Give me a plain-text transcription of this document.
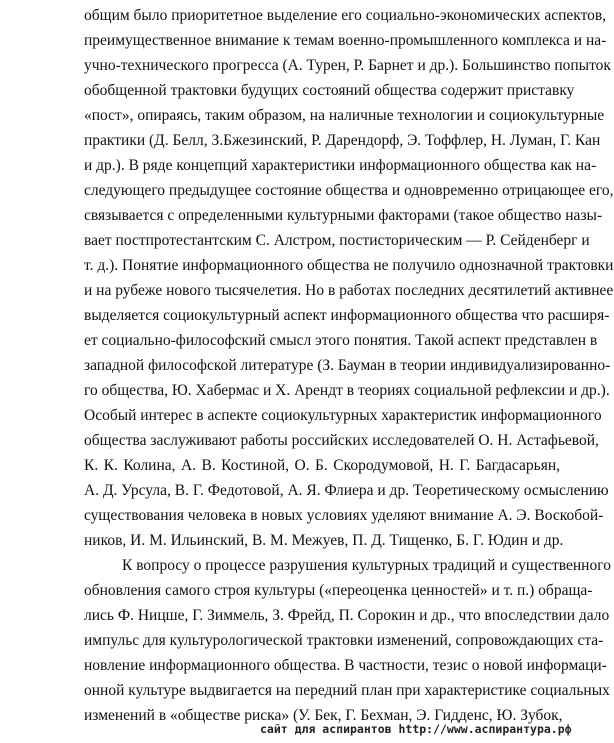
общим было приоритетное выделение его социально-экономических аспектов,
преимущественное внимание к темам военно-промышленного комплекса и на-
учно-технического прогресса (А. Турен, Р. Барнет и др.). Большинство попыток
обобщенной трактовки будущих состояний общества содержит приставку
«пост», опираясь, таким образом, на наличные технологии и социокультурные
практики (Д. Белл, З.Бжезинский, Р. Дарендорф, Э. Тоффлер, Н. Луман, Г. Кан
и др.). В ряде концепций характеристики информационного общества как на-
следующего предыдущее состояние общества и одновременно отрицающее его,
связывается с определенными культурными факторами (такое общество назы-
вает постпротестантским С. Алстром, постисторическим — Р. Сейденберг и
т. д.). Понятие информационного общества не получило однозначной трактовки
и на рубеже нового тысячелетия. Но в работах последних десятилетий активнее
выделяется социокультурный аспект информационного общества что расширя-
ет социально-философский смысл этого понятия. Такой аспект представлен в
западной философской литературе (З. Бауман в теории индивидуализированно-
го общества, Ю. Хабермас и Х. Арендт в теориях социальной рефлексии и др.).
Особый интерес в аспекте социокультурных характеристик информационного
общества заслуживают работы российских исследователей О. Н. Астафьевой,
К. К. Колина, А. В. Костиной, О. Б. Скородумовой, Н. Г. Багдасарьян,
А. Д. Урсула, В. Г. Федотовой, А. Я. Флиера и др. Теоретическому осмыслению
существования человека в новых условиях уделяют внимание А. Э. Воскобой-
ников, И. М. Ильинский, В. М. Межуев, П. Д. Тищенко, Б. Г. Юдин и др.
К вопросу о процессе разрушения культурных традиций и существенного
обновления самого строя культуры («переоценка ценностей» и т. п.) обраща-
лись Ф. Ницше, Г. Зиммель, З. Фрейд, П. Сорокин и др., что впоследствии дало
импульс для культурологической трактовки изменений, сопровождающих ста-
новление информационного общества. В частности, тезис о новой информаци-
онной культуре выдвигается на передний план при характеристике социальных
изменений в «обществе риска» (У. Бек, Г. Бехман, Э. Гидденс, Ю. Зубок,
сайт для аспирантов http://www.аспирантура.рф
